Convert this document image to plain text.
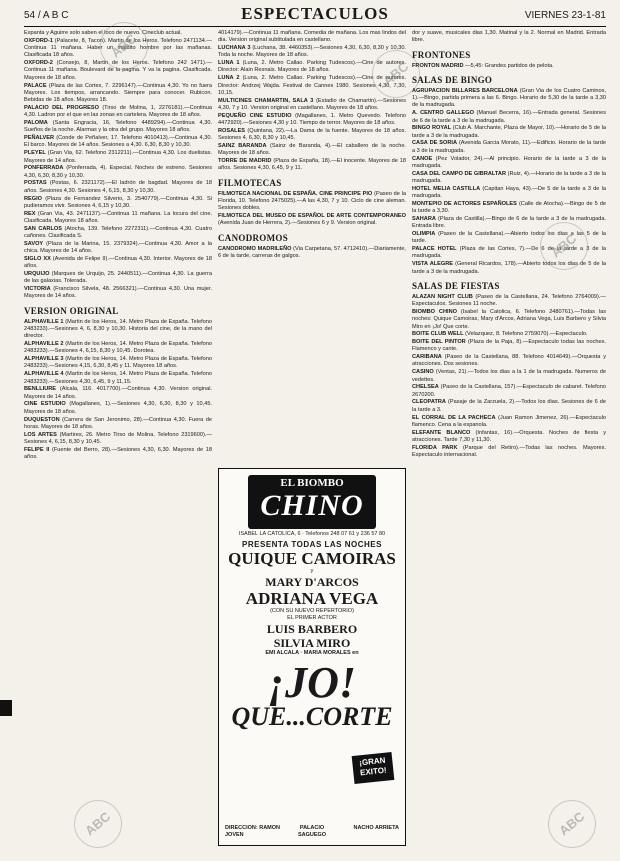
54 / A B C	ESPECTACULOS	VIERNES 23-1-81

Espanta y Aguirre solo saben el loco de nuevo. Cineclub actual.

OXFORD-1 (Palacete, 8, Tacon). Martin de los Heros. Telefono 2471134.—Continua 11 mañana. Haber un maldito hombre por las mañanas. Clasificada 18 años.

OXFORD-2 (Consejo, 8, Martin de los Heros. Telefono 242 1471).—Continua 11 mañana. Boulevard de la pagina. Y va la pagina. Clasificada. Mayores de 18 años.

PALACE (Plaza de las Cortes, 7. 2296147).—Continua 4,30. Yo no fuera Mayores. Los tiempos, arrancando. Siempre para conocer. Rubicon. Bebidas de 18 años. Mayores 18.

PALACIO DEL PROGRESO (Tirso de Molina, 1, 2276181).—Continua 4,30. Ladron por el que en las zonas en cartelera. Mayores de 18 años.

PALOMA (Santa Engracia, 16, Telefono 4489294).—Continua 4,30. Sueños de la noche. Alarmas y la otra del grupo. Mayores 18 años.

PEÑALVER (Conde de Peñalver, 17. Telefono 4010413).—Continua 4,30. El barco. Mayores de 14 años. Sesiones a 4,30. 6,30, 8,30 y 10,30.

PLEYEL (Gran Via, 62. Telefono 2312211).—Continua 4,30. Los duelistas. Mayores de 14 años.

PONFERRADA (Ponferrada, 4). Especial. Noches de estreno. Sesiones 4,30, 6,30, 8,30 y 10,30.

POSTAS (Postas, 6. 2321172).—El ladrón de bagdad. Mayores de 18 años. Sesiones 4,30. Sesiones 4, 6,15, 8,30 y 10,30.

REGIO (Plaza de Fernandez Silverio, 3. 2540779).—Continua 4,30. Si pudieramos vivir. Sesiones 4, 6,15 y 10,30.

REX (Gran Via, 43. 2471137).—Continua 11 mañana. La locura del cine. Clasificada. Mayores 18 años.

SAN CARLOS (Atocha, 139. Telefono 2272311).—Continua 4,30. Cuatro cañones. Clasificada S.

SAVOY (Plaza de la Marina, 15. 2379324).—Continua 4,30. Amor a la chica. Mayores de 14 años.

SIGLO XX (Avenida de Felipe II).—Continua 4,30. Interior. Mayores de 18 años.

URQUIJO (Marques de Urquijo, 25. 2440511).—Continua 4,30. La guerra de las galaxias. Tolerada.

VICTORIA (Francisco Silvela, 48. 2566321).—Continua 4,30. Una mujer. Mayores de 14 años.

VERSION ORIGINAL

ALPHAVILLE 1 (Martin de los Heros, 14. Metro Plaza de España. Telefono 2483233).—Sesiones 4, 6, 8,30 y 10,30. Historia del cine, de la mano del director.

ALPHAVILLE 2 (Martin de los Heros, 14. Metro Plaza de España. Telefono 2483233).—Sesiones 4, 6,15, 8,30 y 10,45. Dorotea.

ALPHAVILLE 3 (Martin de los Heros, 14. Metro Plaza de España. Telefono 2483233).—Sesiones 4,15, 6,30, 8,45 y 11. Mayores 18 años.

ALPHAVILLE 4 (Martin de los Heros, 14. Metro Plaza de España. Telefono 2483233).—Sesiones 4,30, 6,45, 9 y 11,15.

BENLLIURE (Alcala, 116. 4017700).—Continua 4,30. Version original. Mayores de 14 años.

CINE ESTUDIO (Magallanes, 1).—Sesiones 4,30, 6,30, 8,30 y 10,45. Mayores de 18 años.

DUQUESTON (Carrera de San Jeronimo, 28).—Continua 4,30. Fuera de horas. Mayores de 18 años.

LOS ARTES (Martires, 26. Metro Tirso de Molina. Telefono 2319600).—Sesiones 4, 6,15, 8,30 y 10,45.

FELIPE II (Fuente del Berro, 28).—Sesiones 4,30, 6,30. Mayores de 18 años.

4014179).—Continua 11 mañana. Comedia de mañana. Los mas lindos del dia. Version original subtitulada en castellano.

LUCHANA 3 (Luchana, 38. 4460353).—Sesiones 4,30, 6,30, 8,30 y 10,30. Toda la noche. Mayores de 18 años.

LUNA 1 (Luna, 2. Metro Callao. Parking Tudescos).—Cine de autores. Director: Alain Resnais. Mayores de 18 años.

LUNA 2 (Luna, 2. Metro Callao. Parking Tudescos).—Cine de autores. Director: Andrzej Wajda. Festival de Cannes 1980. Sesiones 4,30, 7,30, 10,15.

MULTICINES CHAMARTIN, SALA 3 (Estadio de Chamartin).—Sesiones 4,30, 7 y 10. Version original en castellano. Mayores de 18 años.

PEQUEÑO CINE ESTUDIO (Magallanes, 1. Metro Quevedo. Telefono 4472920).—Sesiones 4,30 y 10. Tiempo de terror. Mayores de 18 años.

ROSALES (Quintana, 22).—La Dama de la fuente. Mayores de 18 años. Sesiones 4, 6,30, 8,30 y 10,45.

SAINZ BARANDA (Sainz de Baranda, 4).—El caballero de la noche. Mayores de 18 años.

TORRE DE MADRID (Plaza de España, 18).—El inocente. Mayores de 18 años. Sesiones 4,30, 6,45, 9 y 11.

FILMOTECAS

FILMOTECA NACIONAL DE ESPAÑA. CINE PRINCIPE PIO (Paseo de la Florida, 10. Telefono 2475025).—A las 4,30, 7 y 10. Ciclo de cine aleman. Sesiones dobles.

FILMOTECA DEL MUSEO DE ESPAÑOL DE ARTE CONTEMPORANEO (Avenida Juan de Herrera, 2).—Sesiones 6 y 9. Version original.

CANODROMOS

CANODROMO MADRILEÑO (Via Carpetana, 57. 4712410).—Diariamente, 6 de la tarde, carreras de galgos.

EL BIOMBO
CHINO
ISABEL LA CATOLICA, 6 · Telefonos 248 07 61 y 236 57 80
PRESENTA TODAS LAS NOCHES
QUIQUE CAMOIRAS
y
MARY D'ARCOS
ADRIANA VEGA
(CON SU NUEVO REPERTORIO)
EL PRIMER ACTOR
LUIS BARBERO
SILVIA MIRO
EMI ALCALA · MARIA MORALES en
¡JO!
QUE...CORTE
¡GRAN EXITO!
DIRECCION: RAMON JOVEN
PALACIO SAGUEGO
NACHO ARRIETA

dor y suave, musicales dias 1,30. Matinal y la 2. Normal en Madrid. Entrada libre.

FRONTONES

FRONTON MADRID —5,45: Grandes partidos de pelota.

SALAS DE BINGO

AGRUPACION BILLARES BARCELONA (Gran Via de los Cuatro Caminos, 1).—Bingo, partida primera a las 6. Bingo. Horario de 5,30 de la tarde a 3,30 de la madrugada.

A. CENTRO GALLEGO (Manuel Becerra, 16).—Entrada general. Sesiones de 6 de la tarde a 3 de la madrugada.

BINGO ROYAL (Club A. Marchante, Plaza de Mayor, 10).—Horario de 5 de la tarde a 3 de la madrugada.

CASA DE SORIA (Avenida Garcia Morato, 11).—Edificio. Horario de la tarde a 3 de la madrugada.

CANOE (Pez Volador, 24).—Al principio. Horario de la tarde a 3 de la madrugada.

CASA DEL CAMPO DE GIBRALTAR (Ruiz, 4).—Horario de la tarde a 3 de la madrugada.

HOTEL MELIA CASTILLA (Capitan Haya, 43).—De 5 de la tarde a 3 de la madrugada.

MONTEPIO DE ACTORES ESPAÑOLES (Calle de Atocha).—Bingo de 5 de la tarde a 3,30.

SAHARA (Plaza de Castilla).—Bingo de 6 de la tarde a 3 de la madrugada. Entrada libre.

OLIMPIA (Paseo de la Castellana).—Abierto todos los dias a las 5 de la tarde.

PALACE HOTEL (Plaza de las Cortes, 7).—De 6 de la tarde a 3 de la madrugada.

VISTA ALEGRE (General Ricardos, 178).—Abierto todos los dias de 5 de la tarde a 3 de la madrugada.

SALAS DE FIESTAS

ALAZAN NIGHT CLUB (Paseo de la Castellana, 24. Telefono 2764009).—Espectaculos. Sesiones 11 noche.

BIOMBO CHINO (Isabel la Catolica, 6. Telefono 2480761).—Todas las noches: Quique Camoiras, Mary d'Arcos, Adriana Vega, Luis Barbero y Silvia Miro en ¡Jo! Que corte.

BOITE CLUB WELL (Velazquez, 8. Telefono 2759070).—Espectaculo.

BOITE DEL PINTOR (Plaza de la Paja, 8).—Espectaculo todas las noches. Flamenco y cante.

CARIBANA (Paseo de la Castellana, 88. Telefono 4014649).—Orquesta y atracciones. Dos sesiones.

CASINO (Ventas, 21).—Todos los dias a la 1 de la madrugada. Numeros de vedettes.

CHELSEA (Paseo de la Castellana, 157).—Espectaculo de cabaret. Telefono 2670200.

CLEOPATRA (Pasaje de la Zarzuela, 2).—Todos los dias. Sesiones de 6 de la tarde a 3.

EL CORRAL DE LA PACHECA (Juan Ramon Jimenez, 26).—Espectaculo flamenco. Cena a la espanola.

ELEFANTE BLANCO (Infantas, 16).—Orquesta. Noches de fiesta y atracciones. Tarde 7,30 y 11,30.

FLORIDA PARK (Parque del Retiro).—Todas las noches. Mayores. Espectaculo internacional.

ABC
ABC
ABC
ABC	ABC
